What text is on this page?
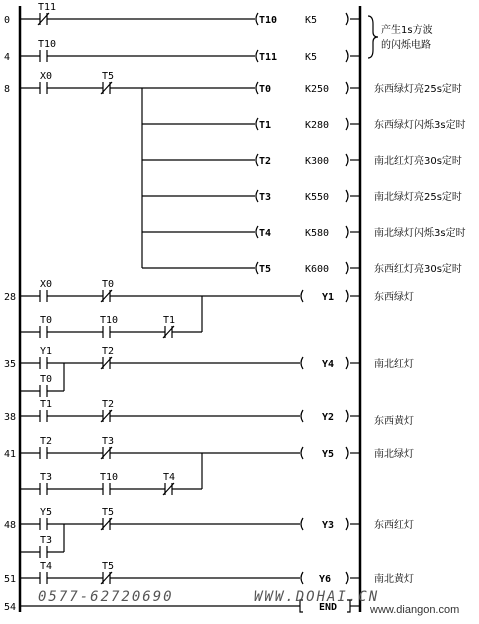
0
T11
T10	K5
4
T10
T11	K5
产生1s方波
的闪烁电路
8
X0	T5
T0	K250	东西绿灯亮25s定时
T1	K280	东西绿灯闪烁3s定时
T2	K300	南北红灯亮30s定时
T3	K550	南北绿灯亮25s定时
T4	K580	南北绿灯闪烁3s定时
T5	K600	东西红灯亮30s定时
28
X0	T0
T0	T10	T1
Y1	东西绿灯
35
Y1	T2
T0
Y4	南北红灯
38
T1	T2
Y2	东西黄灯
41
T2	T3
T3	T10	T4
Y5	南北绿灯
48
Y5	T5
T3
Y3	东西红灯
51
T4	T5
Y6	南北黄灯
54	END
0577-62720690	WWW.DOHAI.CN
www.diangon.com
